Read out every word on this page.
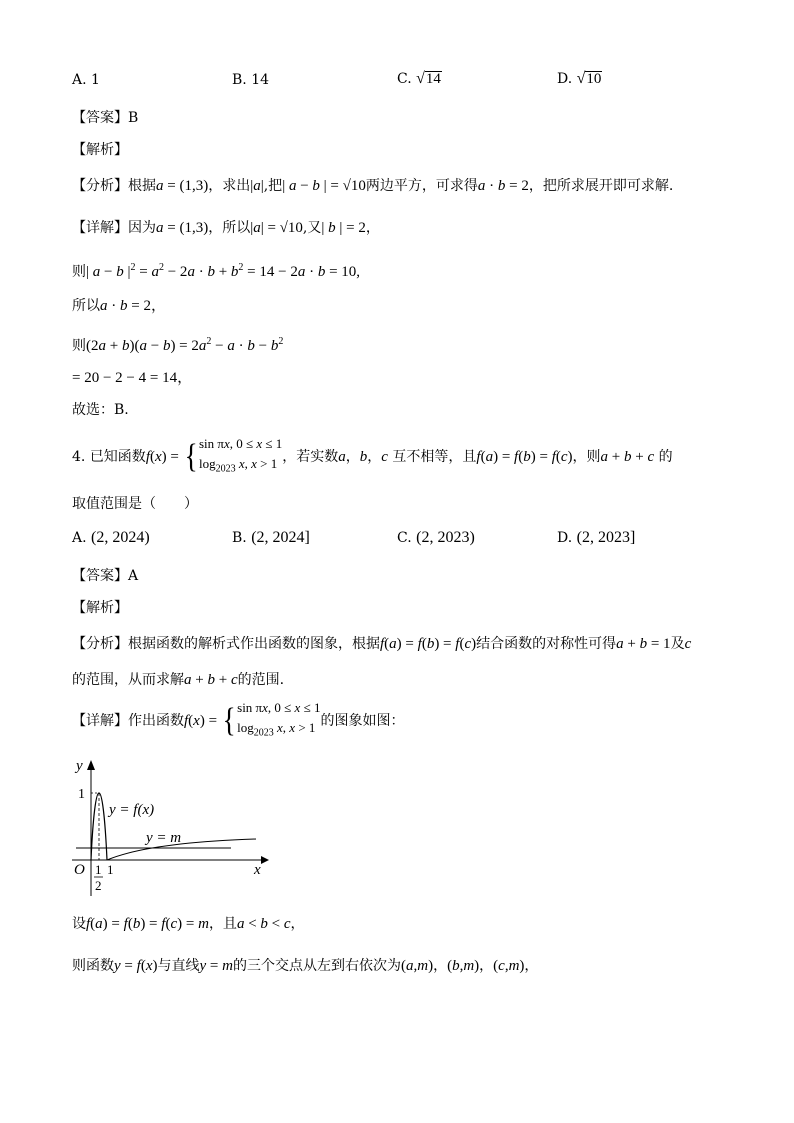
A. 1	B. 14	C. √14	D. √10
【答案】B
【解析】
【分析】根据a = (1,3)，求出|a|,把| a − b | = √10两边平方，可求得a · b = 2，把所求展开即可求解.
【详解】因为a = (1,3)，所以|a| = √10,又| b | = 2，
则| a − b $|^2 = a^2 - 2a \cdot b + b^2 = 14 - 2a \cdot b = 10$,
所以a · b = 2，
则$(2a + b)(a - b) = 2a^2 - a \cdot b - b^2$
= 20 − 2 − 4 = 14，
故选：B.
4. 已知函数f(x) = { sin πx, 0 ≤ x ≤ 1
$\log_{2023} x$, x > 1 ，若实数a，b，c 互不相等，且f(a) = f(b) = f(c)，则a + b + c 的
取值范围是（　　）
A. (2, 2024)	B. (2, 2024]	C. (2, 2023)	D. (2, 2023]
【答案】A
【解析】
【分析】根据函数的解析式作出函数的图象，根据f(a) = f(b) = f(c)结合函数的对称性可得a + b = 1及c
的范围，从而求解a + b + c的范围.
【详解】作出函数f(x) = { sin πx, 0 ≤ x ≤ 1
$\log_{2023} x$, x > 1 的图象如图：
y
x
O
1
1
2
1
y = f(x)
y = m
设f(a) = f(b) = f(c) = m，且a < b < c，
则函数y = f(x)与直线y = m的三个交点从左到右依次为(a,m)，(b,m)，(c,m)，
